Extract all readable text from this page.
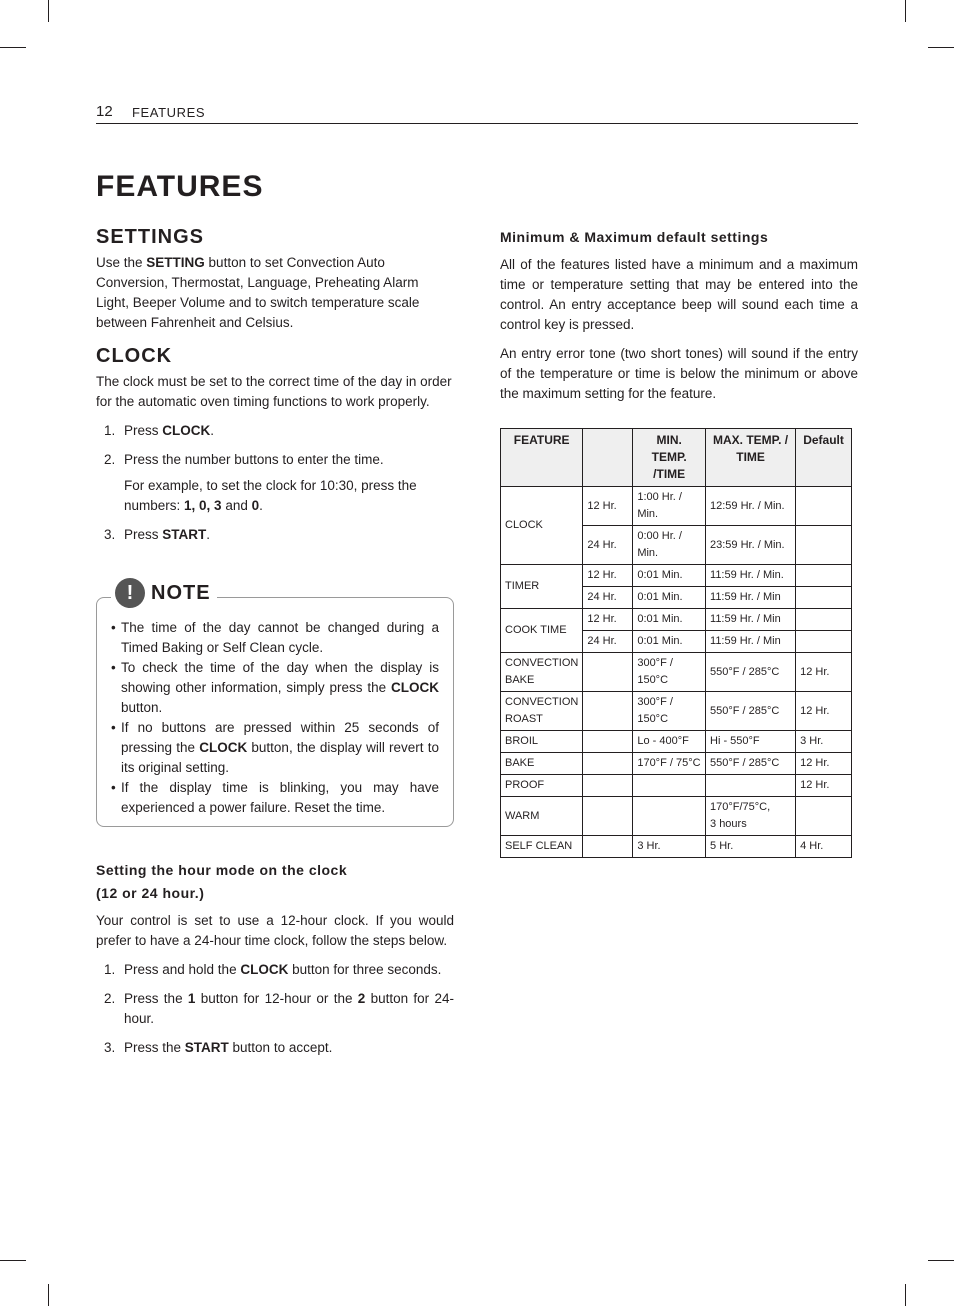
12 FEATURES
FEATURES
SETTINGS

Use the SETTING button to set Convection Auto Conversion, Thermostat, Language, Preheating Alarm Light, Beeper Volume and to switch temperature scale between Fahrenheit and Celsius.

CLOCK

The clock must be set to the correct time of the day in order for the automatic oven timing functions to work properly.

1. Press CLOCK.
2. Press the number buttons to enter the time.
For example, to set the clock for 10:30, press the numbers: 1, 0, 3 and 0.
3. Press START.
! NOTE
• The time of the day cannot be changed during a Timed Baking or Self Clean cycle.
• To check the time of the day when the display is showing other information, simply press the CLOCK button.
• If no buttons are pressed within 25 seconds of pressing the CLOCK button, the display will revert to its original setting.
• If the display time is blinking, you may have experienced a power failure. Reset the time.
Setting the hour mode on the clock
(12 or 24 hour.)

Your control is set to use a 12-hour clock. If you would prefer to have a 24-hour time clock, follow the steps below.

1. Press and hold the CLOCK button for three seconds.
2. Press the 1 button for 12-hour or the 2 button for 24-hour.
3. Press the START button to accept.
Minimum & Maximum default settings

All of the features listed have a minimum and a maximum time or temperature setting that may be entered into the control. An entry acceptance beep will sound each time a control key is pressed.

An entry error tone (two short tones) will sound if the entry of the temperature or time is below the minimum or above the maximum setting for the feature.

FEATURE		MIN. TEMP. /TIME	MAX. TEMP. / TIME	Default
CLOCK	12 Hr.	1:00 Hr. / Min.	12:59 Hr. / Min.	
	24 Hr.	0:00 Hr. / Min.	23:59 Hr. / Min.	
TIMER	12 Hr.	0:01 Min.	11:59 Hr. / Min.	
	24 Hr.	0:01 Min.	11:59 Hr. / Min	
COOK TIME	12 Hr.	0:01 Min.	11:59 Hr. / Min	
	24 Hr.	0:01 Min.	11:59 Hr. / Min	
CONVECTION BAKE		300°F / 150°C	550°F / 285°C	12 Hr.
CONVECTION ROAST		300°F / 150°C	550°F / 285°C	12 Hr.
BROIL		Lo - 400°F	Hi - 550°F	3 Hr.
BAKE		170°F / 75°C	550°F / 285°C	12 Hr.
PROOF				12 Hr.
WARM			170°F/75°C,
3 hours	
SELF CLEAN		3 Hr.	5 Hr.	4 Hr.
